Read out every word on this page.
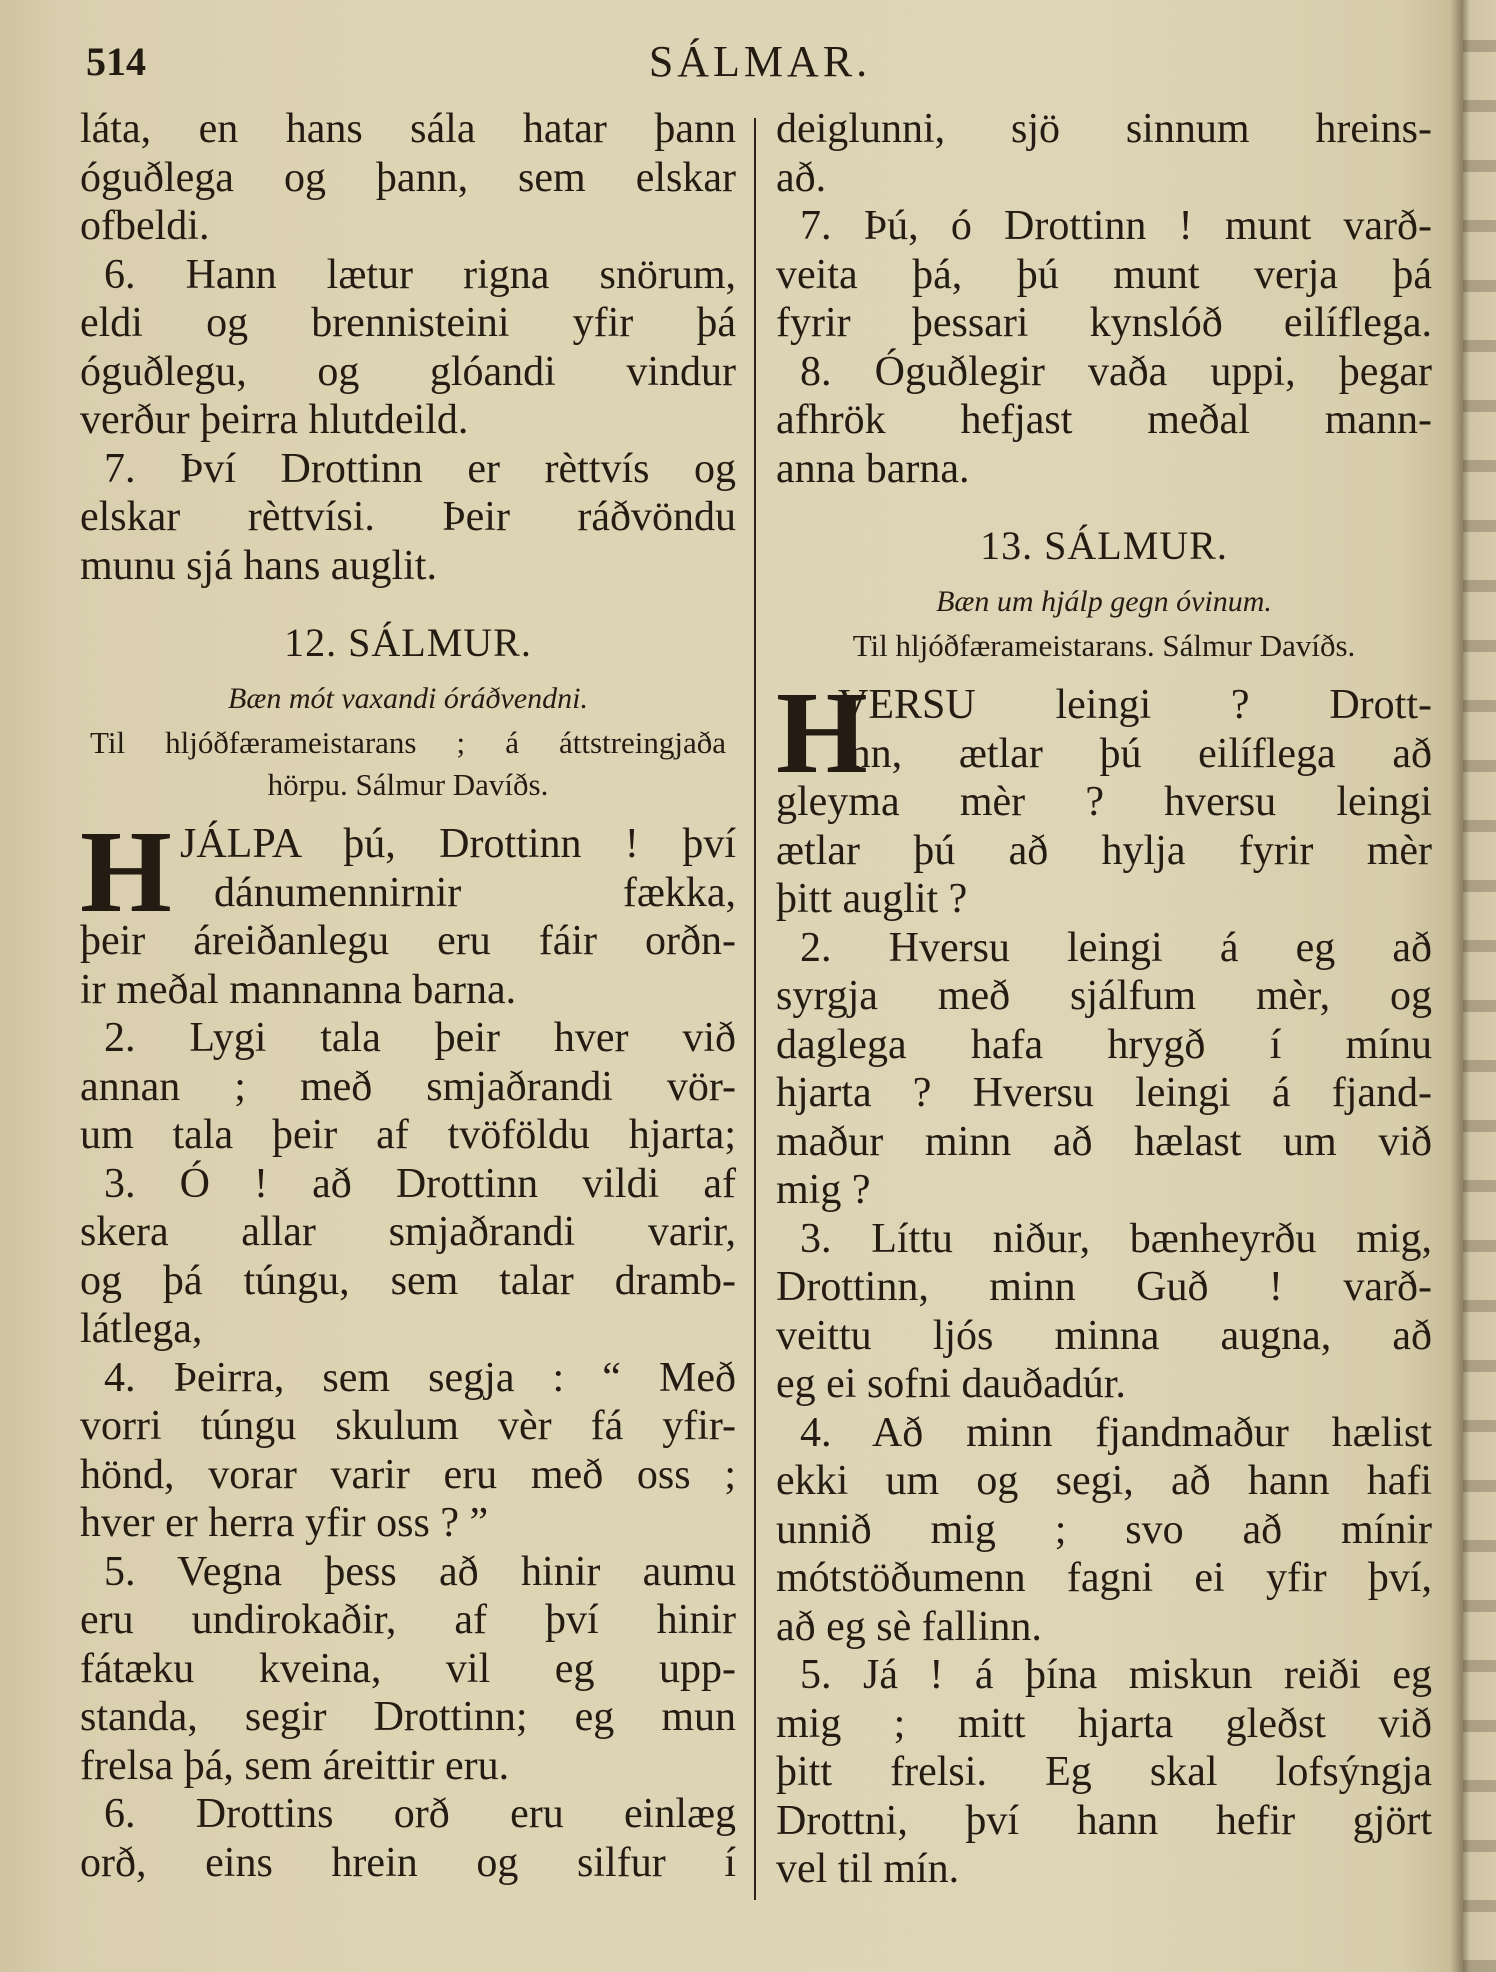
514	SÁLMAR.
láta, en hans sála hatar þann
óguðlega og þann, sem elskar
ofbeldi.
6. Hann lætur rigna snörum,
eldi og brennisteini yfir þá
óguðlegu, og glóandi vindur
verður þeirra hlutdeild.
7. Því Drottinn er rèttvís og
elskar rèttvísi. Þeir ráðvöndu
munu sjá hans auglit.
12. SÁLMUR.
Bæn mót vaxandi óráðvendni.
Til hljóðfærameistarans ; á áttstreingjaða
hörpu. Sálmur Davíðs.
H JÁLPA þú, Drottinn ! því
dánumennirnir fækka,
þeir áreiðanlegu eru fáir orðn-
ir meðal mannanna barna.
2. Lygi tala þeir hver við
annan ; með smjaðrandi vör-
um tala þeir af tvöföldu hjarta;
3. Ó ! að Drottinn vildi af
skera allar smjaðrandi varir,
og þá túngu, sem talar dramb-
látlega,
4. Þeirra, sem segja : “ Með
vorri túngu skulum vèr fá yfir-
hönd, vorar varir eru með oss ;
hver er herra yfir oss ? ”
5. Vegna þess að hinir aumu
eru undirokaðir, af því hinir
fátæku kveina, vil eg upp-
standa, segir Drottinn; eg mun
frelsa þá, sem áreittir eru.
6. Drottins orð eru einlæg
orð, eins hrein og silfur í
deiglunni, sjö sinnum hreins-
að.
7. Þú, ó Drottinn ! munt varð-
veita þá, þú munt verja þá
fyrir þessari kynslóð eilíflega.
8. Óguðlegir vaða uppi, þegar
afhrök hefjast meðal mann-
anna barna.
13. SÁLMUR.
Bæn um hjálp gegn óvinum.
Til hljóðfærameistarans. Sálmur Davíðs.
H
VERSU leingi ? Drott-
inn, ætlar þú eilíflega að
gleyma mèr ? hversu leingi
ætlar þú að hylja fyrir mèr
þitt auglit ?
2. Hversu leingi á eg að
syrgja með sjálfum mèr, og
daglega hafa hrygð í mínu
hjarta ? Hversu leingi á fjand-
maður minn að hælast um við
mig ?
3. Líttu niður, bænheyrðu mig,
Drottinn, minn Guð ! varð-
veittu ljós minna augna, að
eg ei sofni dauðadúr.
4. Að minn fjandmaður hælist
ekki um og segi, að hann hafi
unnið mig ; svo að mínir
mótstöðumenn fagni ei yfir því,
að eg sè fallinn.
5. Já ! á þína miskun reiði eg
mig ; mitt hjarta gleðst við
þitt frelsi. Eg skal lofsýngja
Drottni, því hann hefir gjört
vel til mín.
